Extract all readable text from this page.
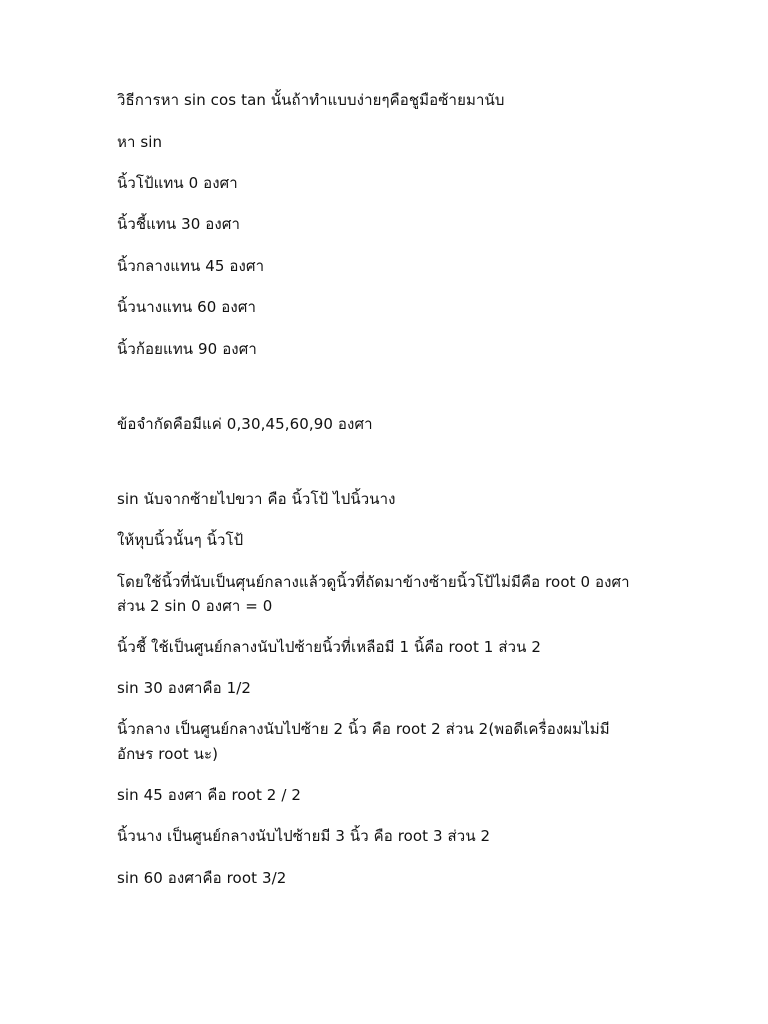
วิธีการหา sin cos tan นั้นถ้าทำแบบง่ายๆคือชูมือซ้ายมานับ
หา sin
นิ้วโป้แทน 0 องศา
นิ้วชี้แทน 30 องศา
นิ้วกลางแทน 45 องศา
นิ้วนางแทน 60 องศา
นิ้วก้อยแทน 90 องศา
ข้อจำกัดคือมีแค่ 0,30,45,60,90 องศา
sin นับจากซ้ายไปขวา คือ นิ้วโป้ ไปนิ้วนาง
ให้หุบนิ้วนั้นๆ นิ้วโป้
โดยใช้นิ้วที่นับเป็นศุนย์กลางแล้วดูนิ้วที่ถัดมาข้างซ้ายนิ้วโป้ไม่มีคือ root 0 องศา
ส่วน 2 sin 0 องศา = 0
นิ้วชี้ ใช้เป็นศูนย์กลางนับไปซ้ายนิ้วที่เหลือมี 1 นิ้คือ root 1 ส่วน 2
sin 30 องศาคือ 1/2
นิ้วกลาง เป็นศูนย์กลางนับไปซ้าย 2 นิ้ว คือ root 2 ส่วน 2(พอดีเครื่องผมไม่มี
อักษร root นะ)
sin 45 องศา คือ root 2 / 2
นิ้วนาง เป็นศูนย์กลางนับไปซ้ายมี 3 นิ้ว คือ root 3 ส่วน 2
sin 60 องศาคือ root 3/2
